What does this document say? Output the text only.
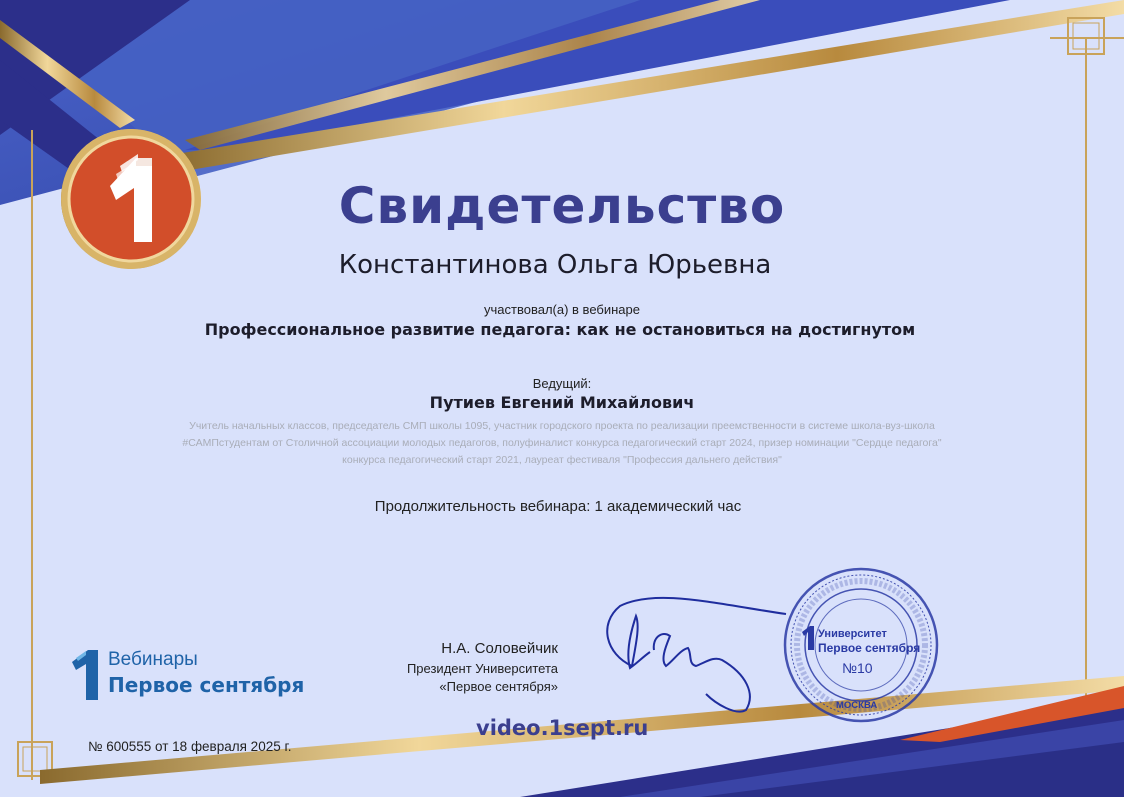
Свидетельство
Константинова Ольга Юрьевна
участвовал(а) в вебинаре
Профессиональное развитие педагога: как не остановиться на достигнутом
Ведущий:
Путиев Евгений Михайлович
Учитель начальных классов, председатель СМП школы 1095, участник городского проекта по реализации преемственности в системе школа-вуз-школа
#САМПстудентам от Столичной ассоциации молодых педагогов, полуфиналист конкурса педагогический старт 2024, призер номинации "Сердце педагога"
конкурса педагогический старт 2021, лауреат фестиваля "Профессия дальнего действия"
Продолжительность вебинара: 1 академический час
Вебинары
Первое сентября
Н.А. Соловейчик
Президент Университета
«Первое сентября»
Университет
Первое сентября
№10
МОСКВА
video.1sept.ru
№ 600555 от 18 февраля 2025 г.
